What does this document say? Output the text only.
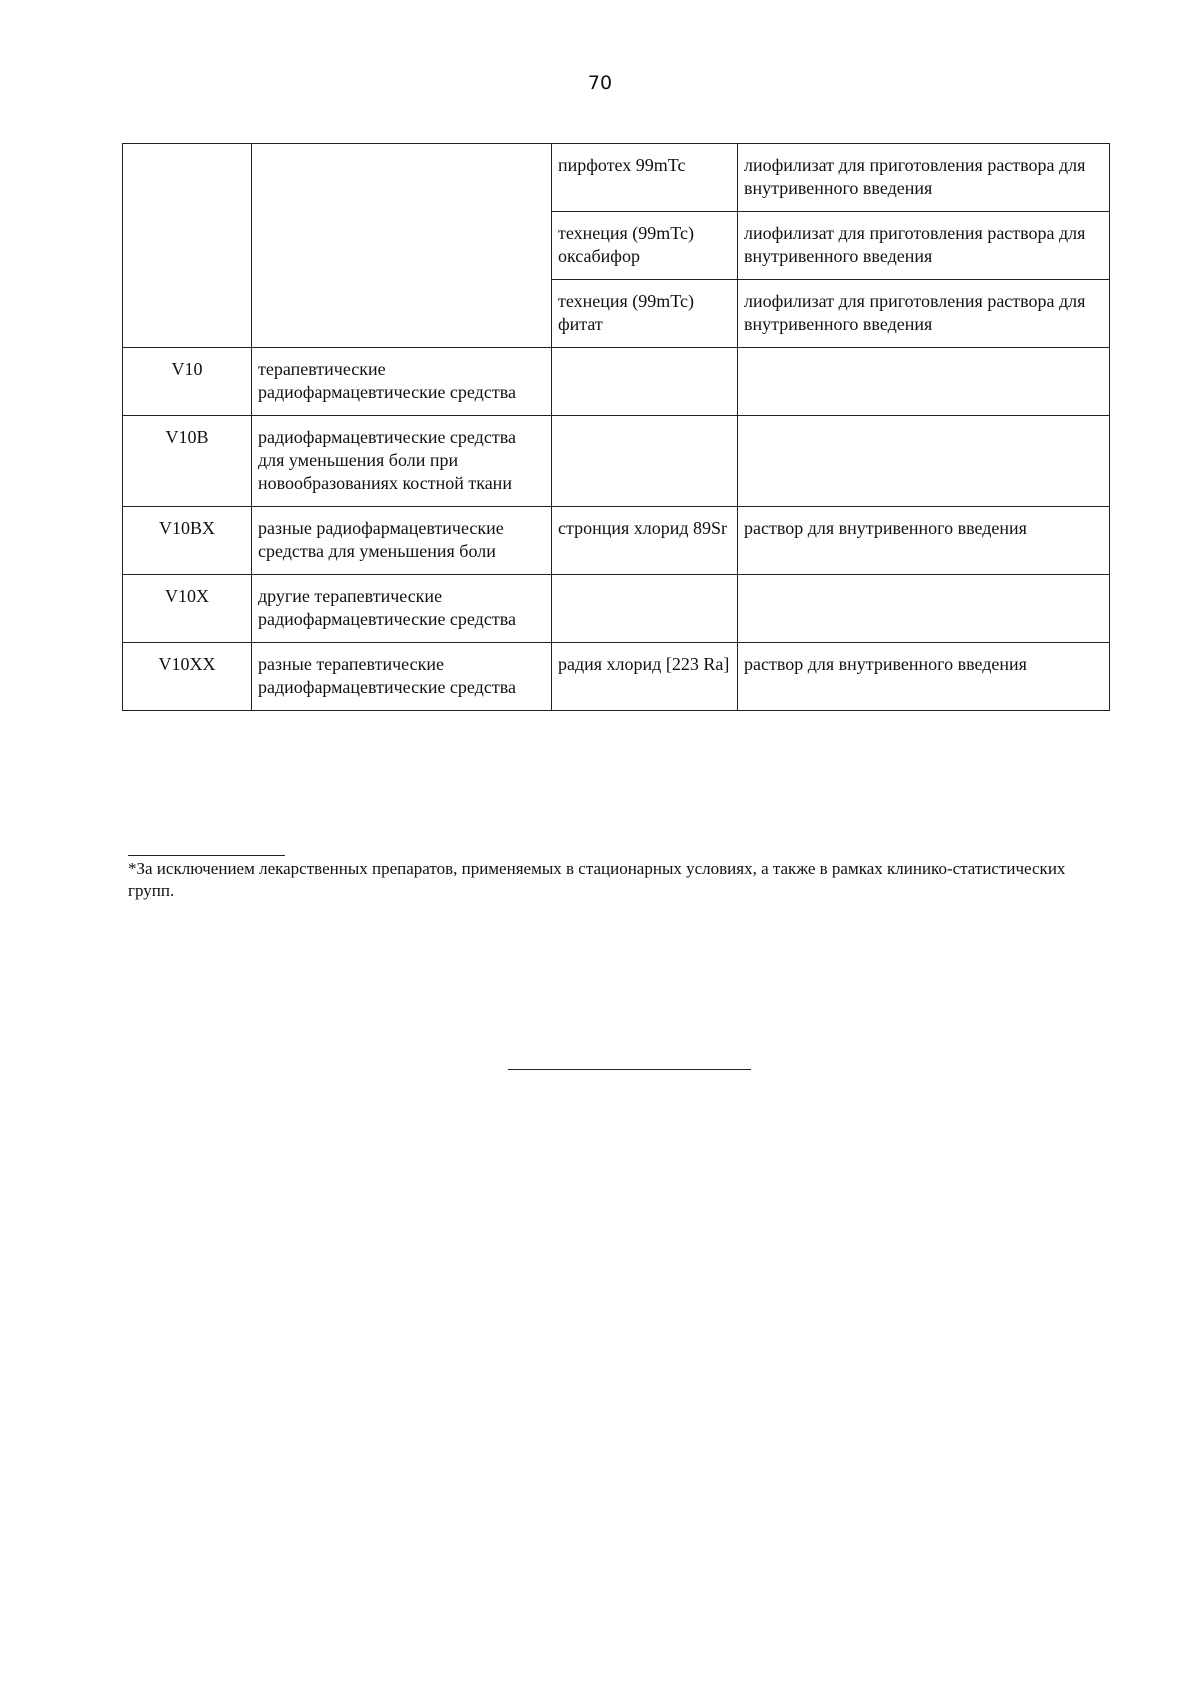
70
		пирфотех 99mTc	лиофилизат для приготовления раствора для внутривенного введения
		технеция (99mTc) оксабифор	лиофилизат для приготовления раствора для внутривенного введения
		технеция (99mTc) фитат	лиофилизат для приготовления раствора для внутривенного введения
V10	терапевтические радиофармацевтические средства		
V10B	радиофармацевтические средства для уменьшения боли при новообразованиях костной ткани		
V10BX	разные радиофармацевтические средства для уменьшения боли	стронция хлорид 89Sr	раствор для внутривенного введения
V10X	другие терапевтические радиофармацевтические средства		
V10XX	разные терапевтические радиофармацевтические средства	радия хлорид [223 Ra]	раствор для внутривенного введения
*За исключением лекарственных препаратов, применяемых в стационарных условиях, а также в рамках клинико-статистических групп.
